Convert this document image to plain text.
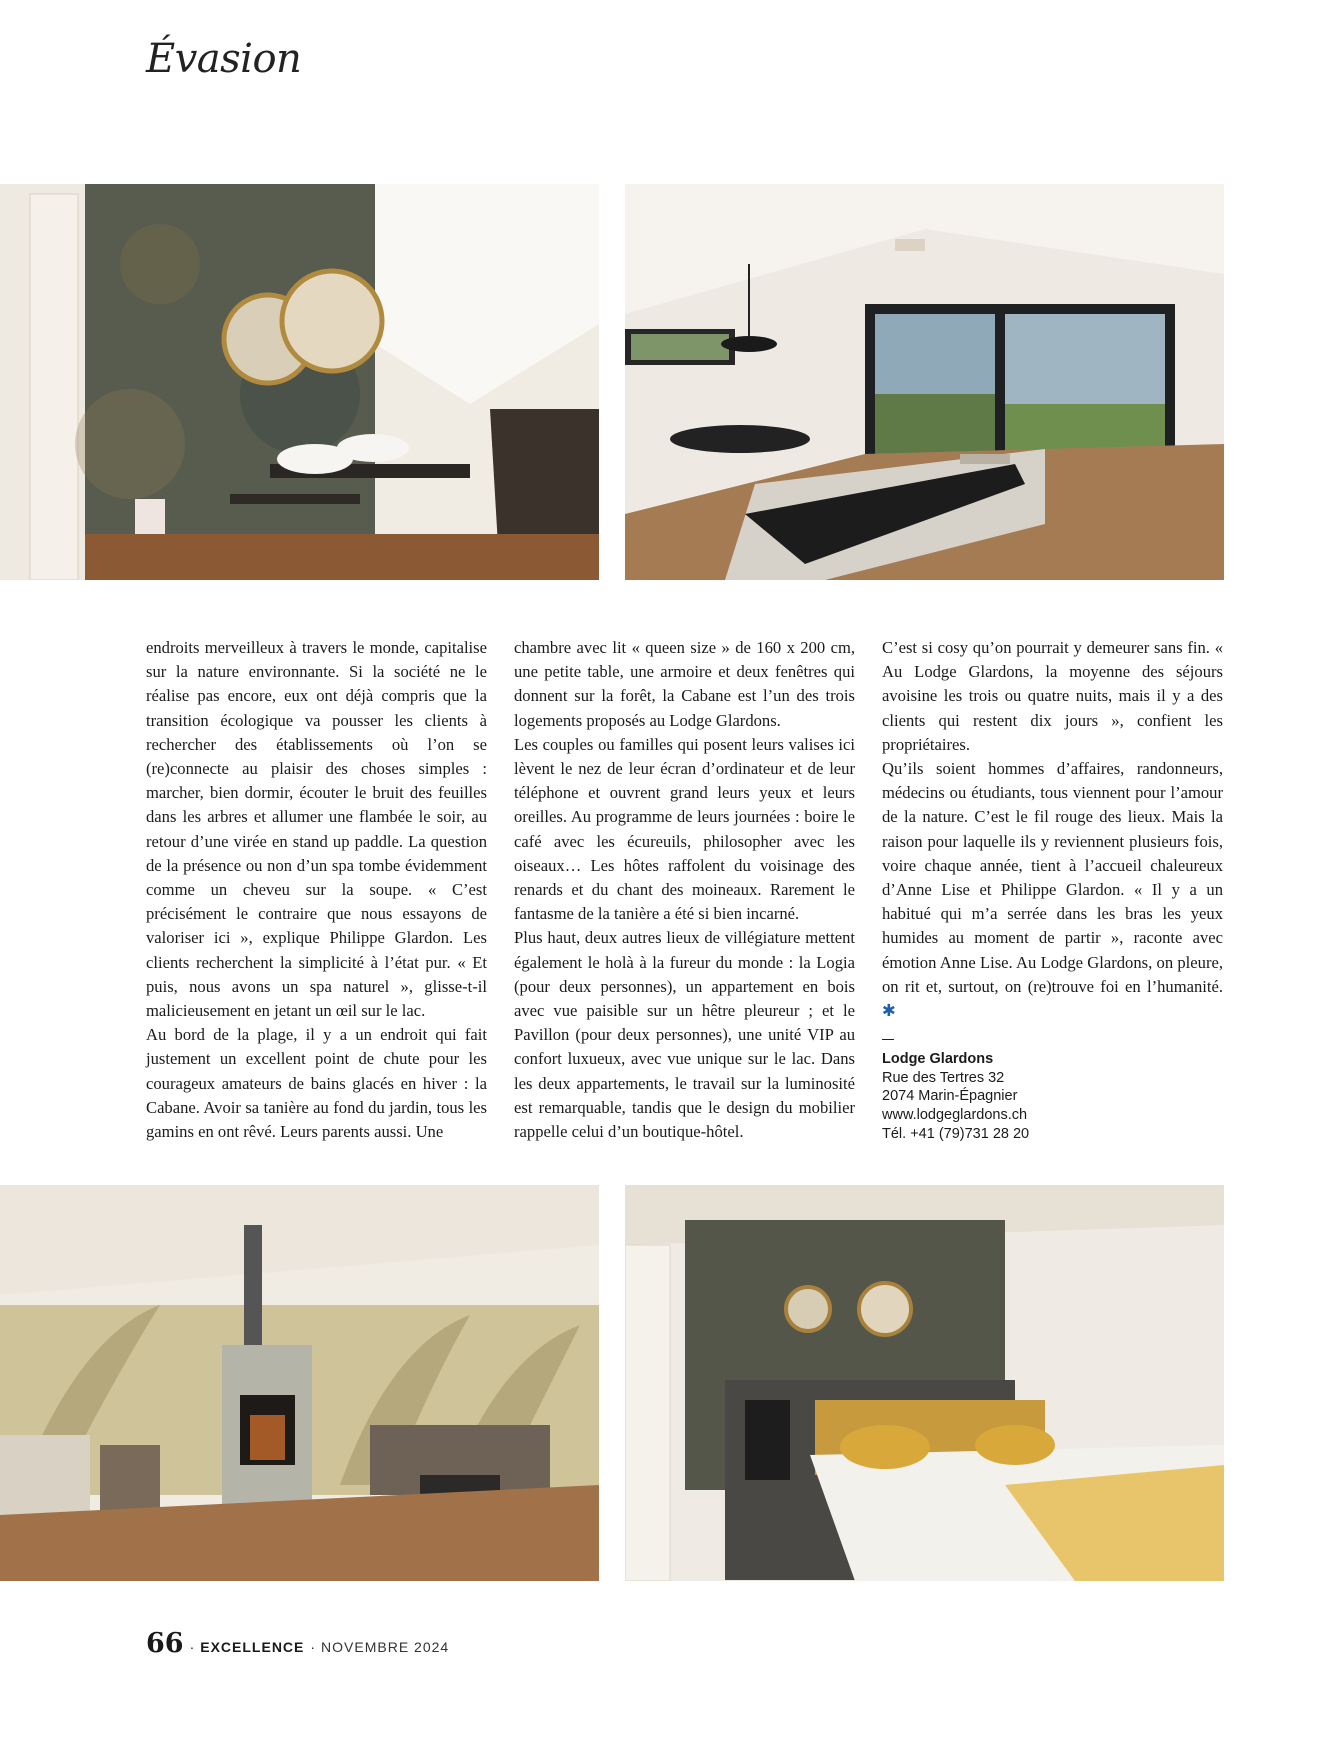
Évasion

endroits merveilleux à travers le monde, capitalise sur la nature environnante. Si la société ne le réalise pas encore, eux ont déjà compris que la transition écologique va pousser les clients à rechercher des établissements où l’on se (re)connecte au plaisir des choses simples : marcher, bien dormir, écouter le bruit des feuilles dans les arbres et allumer une flambée le soir, au retour d’une virée en stand up paddle. La question de la présence ou non d’un spa tombe évidemment comme un cheveu sur la soupe. « C’est précisément le contraire que nous essayons de valoriser ici », explique Philippe Glardon. Les clients recherchent la simplicité à l’état pur. « Et puis, nous avons un spa naturel », glisse-t-il malicieusement en jetant un œil sur le lac.

Au bord de la plage, il y a un endroit qui fait justement un excellent point de chute pour les courageux amateurs de bains glacés en hiver : la Cabane. Avoir sa tanière au fond du jardin, tous les gamins en ont rêvé. Leurs parents aussi. Une

chambre avec lit « queen size » de 160 x 200 cm, une petite table, une armoire et deux fenêtres qui donnent sur la forêt, la Cabane est l’un des trois logements proposés au Lodge Glardons.

Les couples ou familles qui posent leurs valises ici lèvent le nez de leur écran d’ordinateur et de leur téléphone et ouvrent grand leurs yeux et leurs oreilles. Au programme de leurs journées : boire le café avec les écureuils, philosopher avec les oiseaux… Les hôtes raffolent du voisinage des renards et du chant des moineaux. Rarement le fantasme de la tanière a été si bien incarné.

Plus haut, deux autres lieux de villégiature mettent également le holà à la fureur du monde : la Logia (pour deux personnes), un appartement en bois avec vue paisible sur un hêtre pleureur ; et le Pavillon (pour deux personnes), une unité VIP au confort luxueux, avec vue unique sur le lac. Dans les deux appartements, le travail sur la luminosité est remarquable, tandis que le design du mobilier rappelle celui d’un boutique-hôtel.

C’est si cosy qu’on pourrait y demeurer sans fin. « Au Lodge Glardons, la moyenne des séjours avoisine les trois ou quatre nuits, mais il y a des clients qui restent dix jours », confient les propriétaires.

Qu’ils soient hommes d’affaires, randonneurs, médecins ou étudiants, tous viennent pour l’amour de la nature. C’est le fil rouge des lieux. Mais la raison pour laquelle ils y reviennent plusieurs fois, voire chaque année, tient à l’accueil chaleureux d’Anne Lise et Philippe Glardon. « Il y a un habitué qui m’a serrée dans les bras les yeux humides au moment de partir », raconte avec émotion Anne Lise. Au Lodge Glardons, on pleure, on rit et, surtout, on (re)trouve foi en l’humanité. ✱

Lodge Glardons
Rue des Tertres 32
2074 Marin-Épagnier
www.lodgeglardons.ch
Tél. +41 (79)731 28 20
66 · EXCELLENCE · NOVEMBRE 2024
